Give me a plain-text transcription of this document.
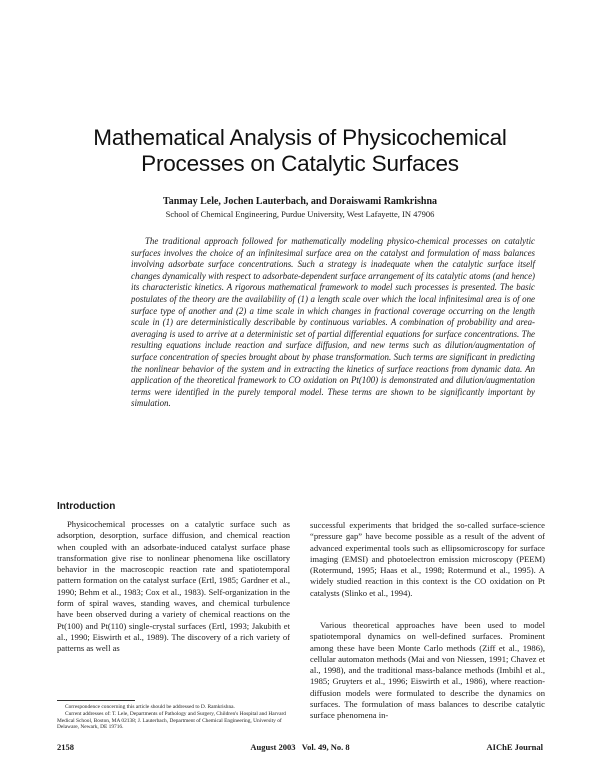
Mathematical Analysis of Physicochemical
Processes on Catalytic Surfaces
Tanmay Lele, Jochen Lauterbach, and Doraiswami Ramkrishna
School of Chemical Engineering, Purdue University, West Lafayette, IN 47906

The traditional approach followed for mathematically modeling physico-chemical processes on catalytic surfaces involves the choice of an infinitesimal surface area on the catalyst and formulation of mass balances involving adsorbate surface concentrations. Such a strategy is inadequate when the catalytic surface itself changes dynamically with respect to adsorbate-dependent surface arrangement of its catalytic atoms (and hence) its characteristic kinetics. A rigorous mathematical framework to model such processes is presented. The basic postulates of the theory are the availability of (1) a length scale over which the local infinitesimal area is of one surface type of another and (2) a time scale in which changes in fractional coverage occurring on the length scale in (1) are deterministically describable by continuous variables. A combination of probability and area-averaging is used to arrive at a deterministic set of partial differential equations for surface concentrations. The resulting equations include reaction and surface diffusion, and new terms such as dilution/augmentation of surface concentration of species brought about by phase transformation. Such terms are significant in predicting the nonlinear behavior of the system and in extracting the kinetics of surface reactions from dynamic data. An application of the theoretical framework to CO oxidation on Pt(100) is demonstrated and dilution/augmentation terms were identified in the purely temporal model. These terms are shown to be significantly important by simulation.

Introduction

Physicochemical processes on a catalytic surface such as adsorption, desorption, surface diffusion, and chemical reaction when coupled with an adsorbate-induced catalyst surface phase transformation give rise to nonlinear phenomena like oscillatory behavior in the macroscopic reaction rate and spatiotemporal pattern formation on the catalyst surface (Ertl, 1985; Gardner et al., 1990; Behm et al., 1983; Cox et al., 1983). Self-organization in the form of spiral waves, standing waves, and chemical turbulence have been observed during a variety of chemical reactions on the Pt(100) and Pt(110) single-crystal surfaces (Ertl, 1993; Jakubith et al., 1990; Eiswirth et al., 1989). The discovery of a rich variety of patterns as well as

successful experiments that bridged the so-called surface-science “pressure gap” have become possible as a result of the advent of advanced experimental tools such as ellipsomicroscopy for surface imaging (EMSI) and photoelectron emission microscopy (PEEM) (Rotermund, 1995; Haas et al., 1998; Rotermund et al., 1995). A widely studied reaction in this context is the CO oxidation on Pt catalysts (Slinko et al., 1994).

Various theoretical approaches have been used to model spatiotemporal dynamics on well-defined surfaces. Prominent among these have been Monte Carlo methods (Ziff et al., 1986), cellular automaton methods (Mai and von Niessen, 1991; Chavez et al., 1998), and the traditional mass-balance methods (Imbihl et al., 1985; Gruyters et al., 1996; Eiswirth et al., 1986), where reaction-diffusion models were formulated to describe the dynamics on surfaces. The formulation of mass balances to describe catalytic surface phenomena in-

Correspondence concerning this article should be addressed to D. Ramkrishna.
Current addresses of: T. Lele, Departments of Pathology and Surgery, Children's Hospital and Harvard Medical School, Boston, MA 02138; J. Lauterbach, Department of Chemical Engineering, University of Delaware, Newark, DE 19716.
2158	August 2003   Vol. 49, No. 8	AIChE Journal
